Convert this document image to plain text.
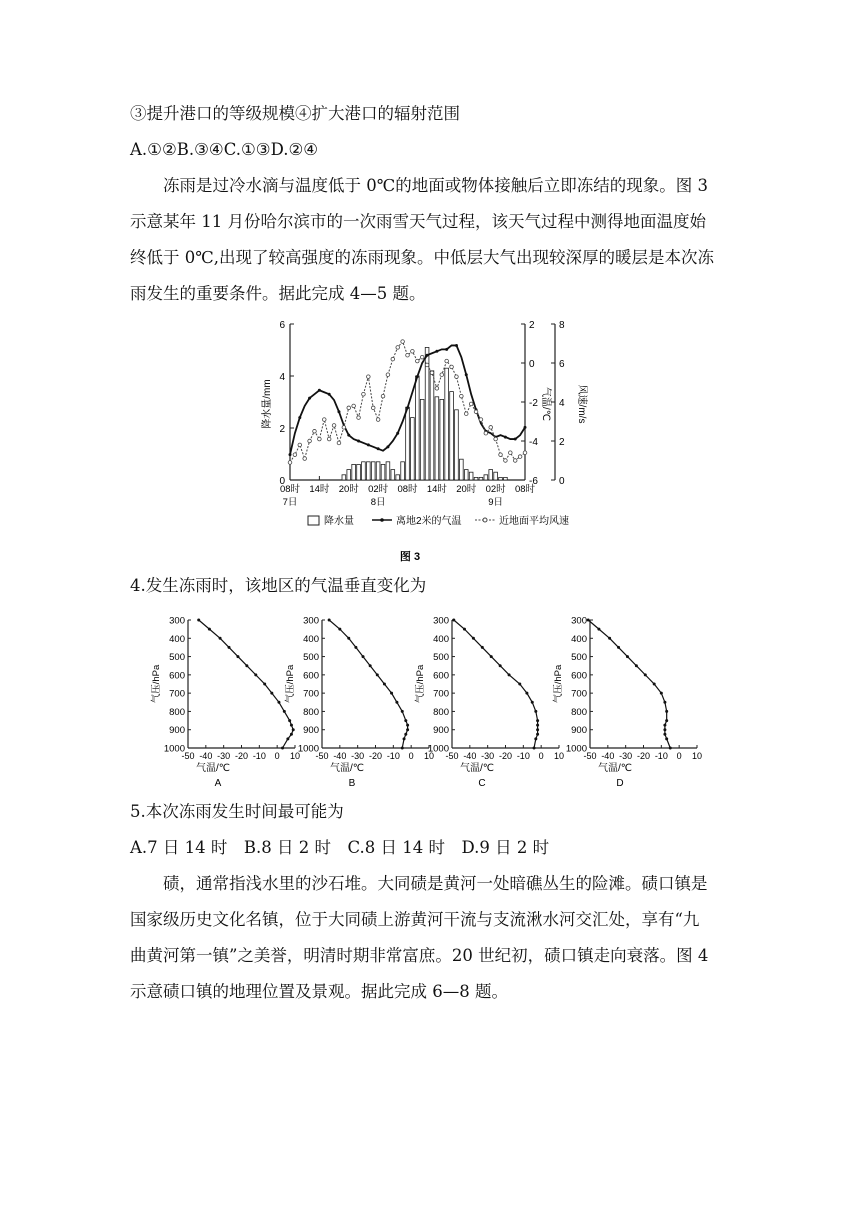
③提升港口的等级规模④扩大港口的辐射范围
A.①②B.③④C.①③D.②④
冻雨是过冷水滴与温度低于 0℃的地面或物体接触后立即冻结的现象。图 3
示意某年 11 月份哈尔滨市的一次雨雪天气过程，该天气过程中测得地面温度始
终低于 0℃,出现了较高强度的冻雨现象。中低层大气出现较深厚的暖层是本次冻
雨发生的重要条件。据此完成 4—5 题。
0
2
4
6
-6
-4
-2
0
2
0
2
4
6
8
降水量/mm	气温/℃	风速/m/s
08时 14时 20时 02时 08时 14时 20时 02时 08时
7日	8日	9日
降水量	离地2米的气温	近地面平均风速
图 3
4.发生冻雨时，该地区的气温垂直变化为
300
400
500
600
700
800
900
1000
-50 -40 -30 -20 -10 0 10
气压/hPa
气温/℃
A
300
400
500
600
700
800
900
1000
-50 -40 -30 -20 -10 0 10
气压/hPa
气温/℃
B
300
400
500
600
700
800
900
1000
-50 -40 -30 -20 -10 0 10
气压/hPa
气温/℃
C
300
400
500
600
700
800
900
1000
-50 -40 -30 -20 -10 0 10
气压/hPa
气温/℃
D
5.本次冻雨发生时间最可能为
A.7 日 14 时　B.8 日 2 时　C.8 日 14 时　D.9 日 2 时
碛，通常指浅水里的沙石堆。大同碛是黄河一处暗礁丛生的险滩。碛口镇是
国家级历史文化名镇，位于大同碛上游黄河干流与支流湫水河交汇处，享有“九
曲黄河第一镇”之美誉，明清时期非常富庶。20 世纪初，碛口镇走向衰落。图 4
示意碛口镇的地理位置及景观。据此完成 6—8 题。
